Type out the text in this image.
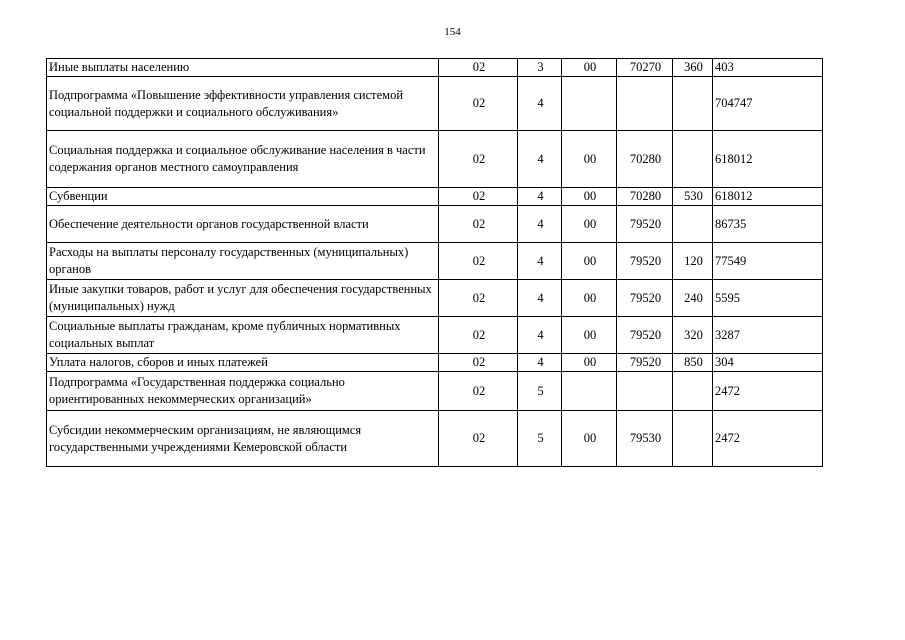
154
Иные выплаты населению	02	3	00	70270	360	403
Подпрограмма «Повышение эффективности управления системой социальной поддержки и социального обслуживания»	02	4				704747
Социальная поддержка и социальное обслуживание населения в части содержания органов местного самоуправления	02	4	00	70280		618012
Субвенции	02	4	00	70280	530	618012
Обеспечение деятельности органов государственной власти	02	4	00	79520		86735
Расходы на выплаты персоналу государственных (муниципальных) органов	02	4	00	79520	120	77549
Иные закупки товаров, работ и услуг для обеспечения государственных (муниципальных) нужд	02	4	00	79520	240	5595
Социальные выплаты гражданам, кроме публичных нормативных социальных выплат	02	4	00	79520	320	3287
Уплата налогов, сборов и иных платежей	02	4	00	79520	850	304
Подпрограмма «Государственная поддержка социально ориентированных некоммерческих организаций»	02	5				2472
Субсидии некоммерческим организациям, не являющимся государственными учреждениями Кемеровской области	02	5	00	79530		2472
